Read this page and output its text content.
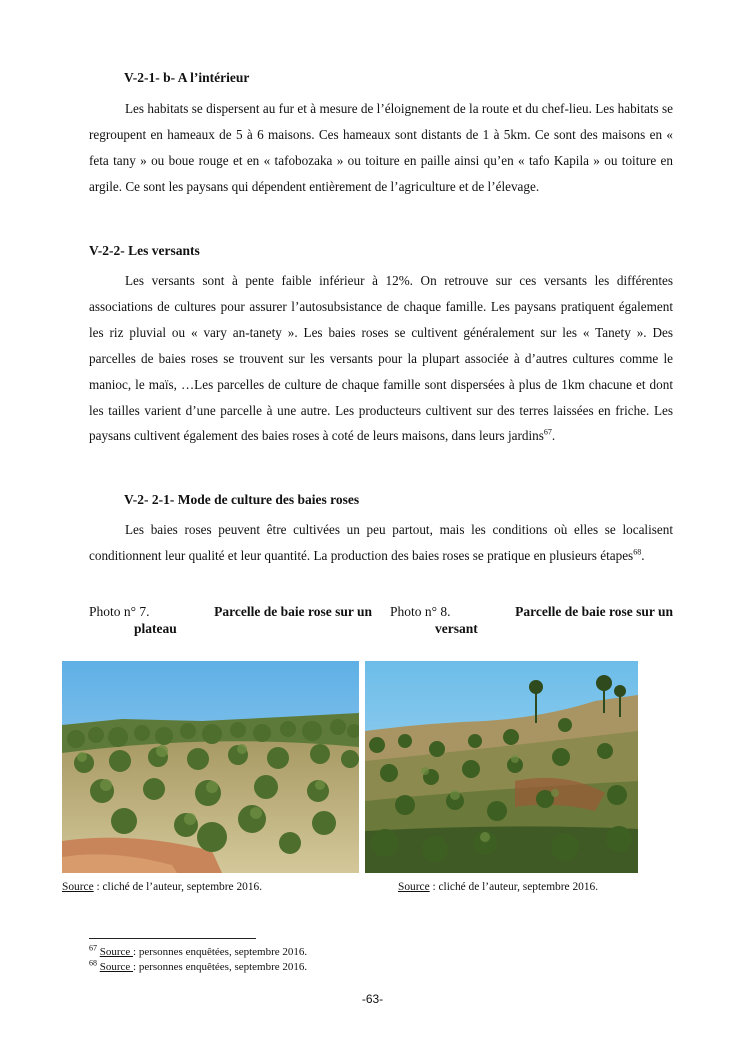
V-2-1- b- A l’intérieur

Les habitats se dispersent au fur et à mesure de l’éloignement de la route et du chef-lieu. Les habitats se regroupent en hameaux de 5 à 6 maisons. Ces hameaux sont distants de 1 à 5km. Ce sont des maisons en « feta tany » ou boue rouge et en « tafobozaka » ou toiture en paille ainsi qu’en « tafo Kapila » ou toiture en argile. Ce sont les paysans qui dépendent entièrement de l’agriculture et de l’élevage.

V-2-2- Les versants

Les versants sont à pente faible inférieur à 12%. On retrouve sur ces versants les différentes associations de cultures pour assurer l’autosubsistance de chaque famille. Les paysans pratiquent également les riz pluvial ou « vary an-tanety ». Les baies roses se cultivent généralement sur les « Tanety ». Des parcelles de baies roses se trouvent sur les versants pour la plupart associée à d’autres cultures comme le manioc, le maïs, …Les parcelles de culture de chaque famille sont dispersées à plus de 1km chacune et dont les tailles varient d’une parcelle à une autre. Les producteurs cultivent sur des terres laissées en friche. Les paysans cultivent également des baies roses à coté de leurs maisons, dans leurs jardins$^{67}$.

V-2- 2-1- Mode de culture des baies roses

Les baies roses peuvent être cultivées un peu partout, mais les conditions où elles se localisent conditionnent leur qualité et leur quantité. La production des baies roses se pratique en plusieurs étapes$^{68}$.

Photo n° 7.	Parcelle de baie rose sur un
plateau
Photo n° 8.	Parcelle de baie rose sur un
versant
Source : cliché de l’auteur, septembre 2016.	Source : cliché de l’auteur, septembre 2016.
$^{67}$ Source : personnes enquêtées, septembre 2016.
$^{68}$ Source : personnes enquêtées, septembre 2016.
-63-
